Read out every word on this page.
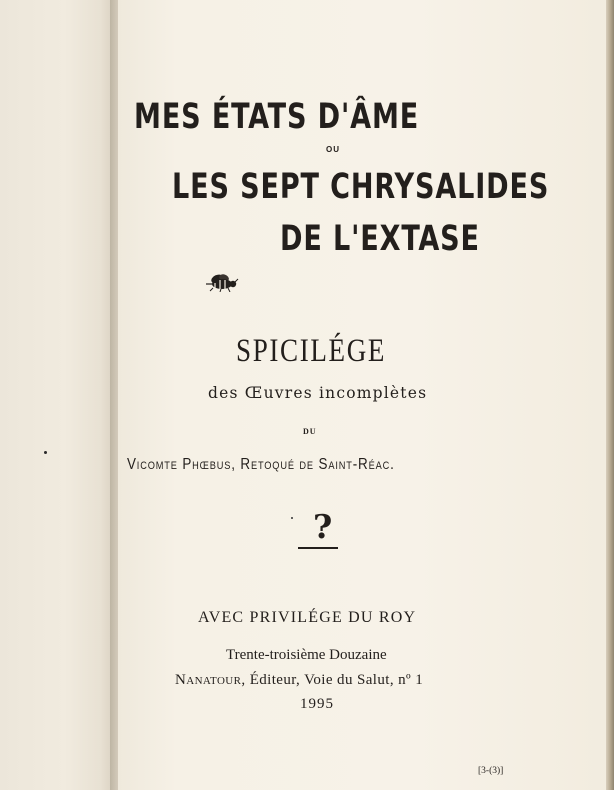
MES ÉTATS D'ÂME
OU
LES SEPT CHRYSALIDES
DE L'EXTASE
SPICILÉGE
des Œuvres incomplètes
DU
Vicomte Phœbus, Retoqué de Saint-Réac.
?
AVEC PRIVILÉGE DU ROY
Trente-troisième Douzaine
Nanatour, Éditeur, Voie du Salut, nº 1
1995
[3-(3)]
